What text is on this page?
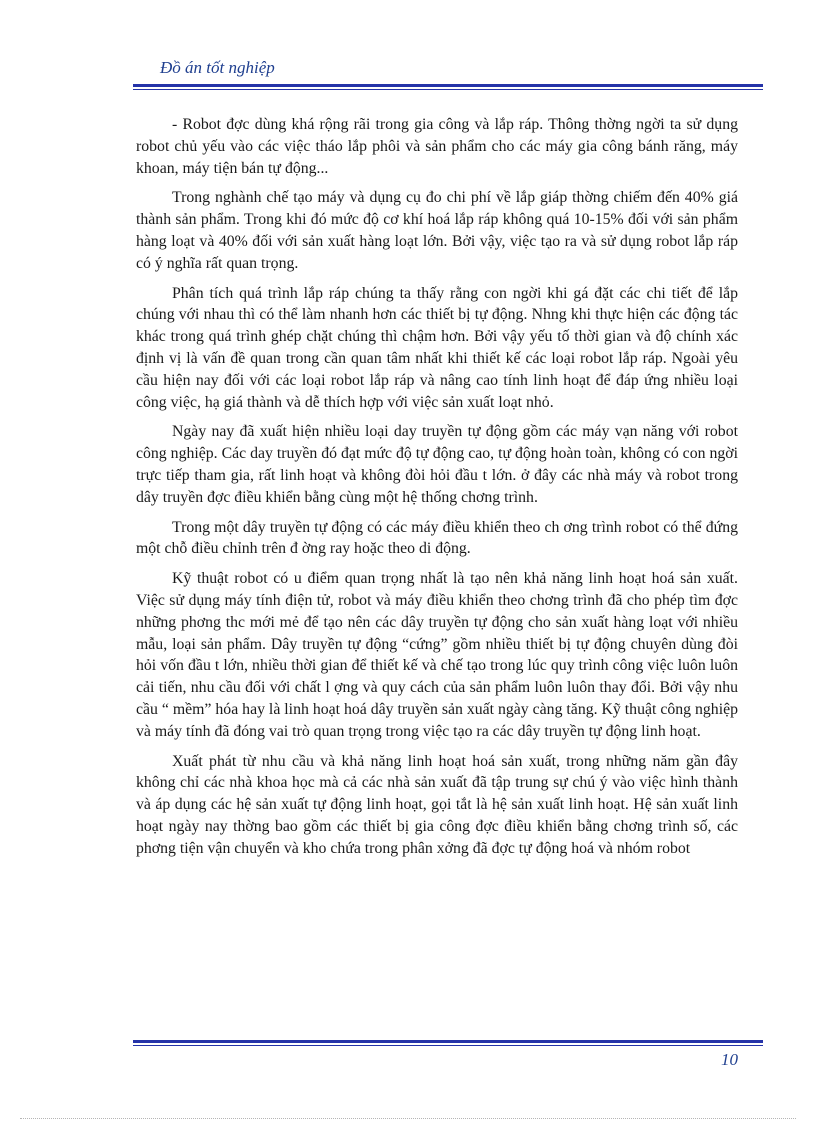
Đồ án tốt nghiệp

- Robot đợc dùng khá rộng rãi trong gia công và lắp ráp. Thông thờng ngời ta sử dụng robot chủ yếu vào các việc tháo lắp phôi và sản phẩm cho các máy gia công bánh răng, máy khoan, máy tiện bán tự động...

Trong nghành chế tạo máy và dụng cụ đo chi phí về lắp giáp thờng chiếm đến 40% giá thành sản phẩm. Trong khi đó mức độ cơ khí hoá lắp ráp không quá 10-15% đối với sản phẩm hàng loạt và 40% đối với sản xuất hàng loạt lớn. Bởi vậy, việc tạo ra và sử dụng robot lắp ráp có ý nghĩa rất quan trọng.

Phân tích quá trình lắp ráp chúng ta thấy rằng con ngời khi gá đặt các chi tiết để lắp chúng với nhau thì có thể làm nhanh hơn các thiết bị tự động. Nhng khi thực hiện các động tác khác trong quá trình ghép chặt chúng thì chậm hơn. Bởi vậy yếu tố thời gian và độ chính xác định vị là vấn đề quan trong cần quan tâm nhất khi thiết kế các loại robot lắp ráp. Ngoài yêu cầu hiện nay đối với các loại robot lắp ráp và nâng cao tính linh hoạt để đáp ứng nhiều loại công việc, hạ giá thành và dễ thích hợp với việc sản xuất loạt nhỏ.

Ngày nay đã xuất hiện nhiều loại day truyền tự động gồm các máy vạn năng với robot công nghiệp. Các day truyền đó đạt mức độ tự động cao, tự động hoàn toàn, không có con ngời trực tiếp tham gia, rất linh hoạt và không đòi hỏi đầu t lớn. ở đây các nhà máy và robot trong dây truyền đợc điều khiển bằng cùng một hệ thống chơng trình.

Trong một dây truyền tự động có các máy điều khiển theo ch ơng trình robot có thể đứng một chỗ điều chỉnh trên đ ờng ray hoặc theo di động.

Kỹ thuật robot có u điểm quan trọng nhất là tạo nên khả năng linh hoạt hoá sản xuất. Việc sử dụng máy tính điện tử, robot và máy điều khiển theo chơng trình đã cho phép tìm đợc những phơng thc mới mẻ để tạo nên các dây truyền tự động cho sản xuất hàng loạt với nhiều mẫu, loại sản phẩm. Dây truyền tự động “cứng” gồm nhiều thiết bị tự động chuyên dùng đòi hỏi vốn đầu t lớn, nhiều thời gian để thiết kế và chế tạo trong lúc quy trình công việc luôn luôn cải tiến, nhu cầu đối với chất l ợng và quy cách của sản phẩm luôn luôn thay đổi. Bởi vậy nhu cầu “ mềm” hóa hay là linh hoạt hoá dây truyền sản xuất ngày càng tăng. Kỹ thuật công nghiệp và máy tính đã đóng vai trò quan trọng trong việc tạo ra các dây truyền tự động linh hoạt.

Xuất phát từ nhu cầu và khả năng linh hoạt hoá sản xuất, trong những năm gần đây không chỉ các nhà khoa học mà cả các nhà sản xuất đã tập trung sự chú ý vào việc hình thành và áp dụng các hệ sản xuất tự động linh hoạt, gọi tắt là hệ sản xuất linh hoạt. Hệ sản xuất linh hoạt ngày nay thờng bao gồm các thiết bị gia công đợc điều khiển bằng chơng trình số, các phơng tiện vận chuyển và kho chứa trong phân xởng đã đợc tự động hoá và nhóm robot

10
